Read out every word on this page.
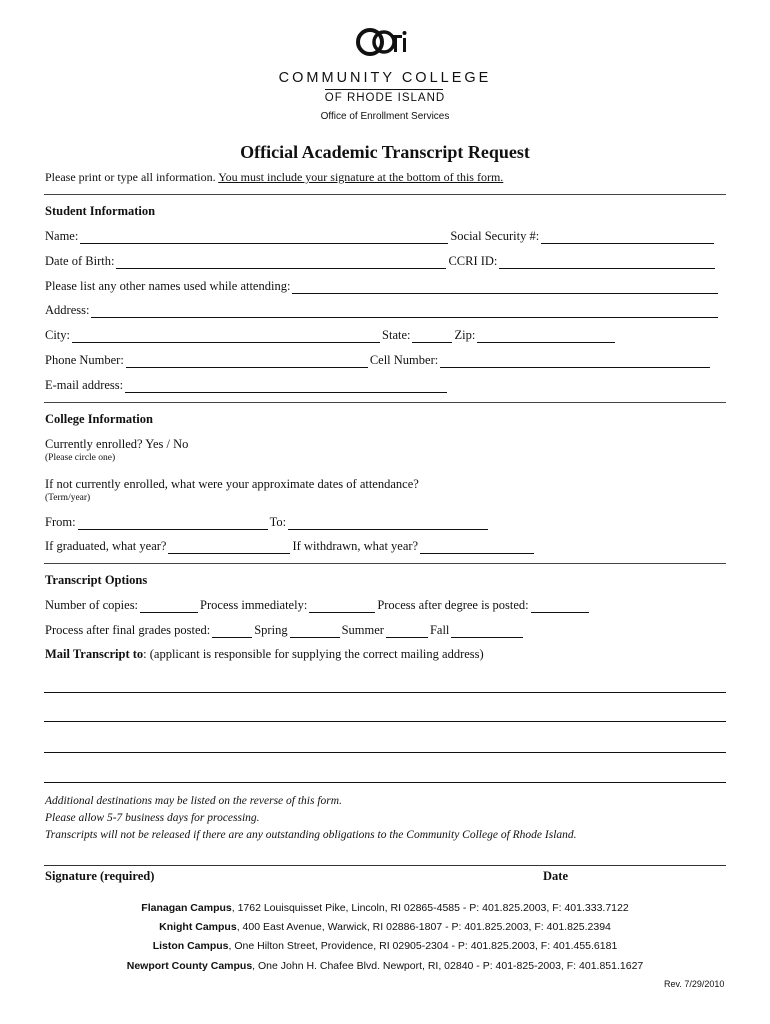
COMMUNITY COLLEGE
OF RHODE ISLAND
Office of Enrollment Services
Official Academic Transcript Request
Please print or type all information. You must include your signature at the bottom of this form.
Student Information
Name:	Social Security #:
Date of Birth:	CCRI ID:
Please list any other names used while attending:
Address:
City:	State:	Zip:
Phone Number:	Cell Number:
E-mail address:
College Information
Currently enrolled? Yes / No
(Please circle one)
If not currently enrolled, what were your approximate dates of attendance?
(Term/year)
From:	To:
If graduated, what year?	If withdrawn, what year?
Transcript Options
Number of copies:	Process immediately:	Process after degree is posted:
Process after final grades posted:	Spring	Summer	Fall
Mail Transcript to : (applicant is responsible for supplying the correct mailing address)
Additional destinations may be listed on the reverse of this form.
Please allow 5-7 business days for processing.
Transcripts will not be released if there are any outstanding obligations to the Community College of Rhode Island.
Signature (required)	Date
Flanagan Campus, 1762 Louisquisset Pike, Lincoln, RI 02865-4585 - P: 401.825.2003, F: 401.333.7122
Knight Campus, 400 East Avenue, Warwick, RI 02886-1807 - P: 401.825.2003, F: 401.825.2394
Liston Campus, One Hilton Street, Providence, RI 02905-2304 - P: 401.825.2003, F: 401.455.6181
Newport County Campus, One John H. Chafee Blvd. Newport, RI, 02840 - P: 401-825-2003, F: 401.851.1627
Rev. 7/29/2010
